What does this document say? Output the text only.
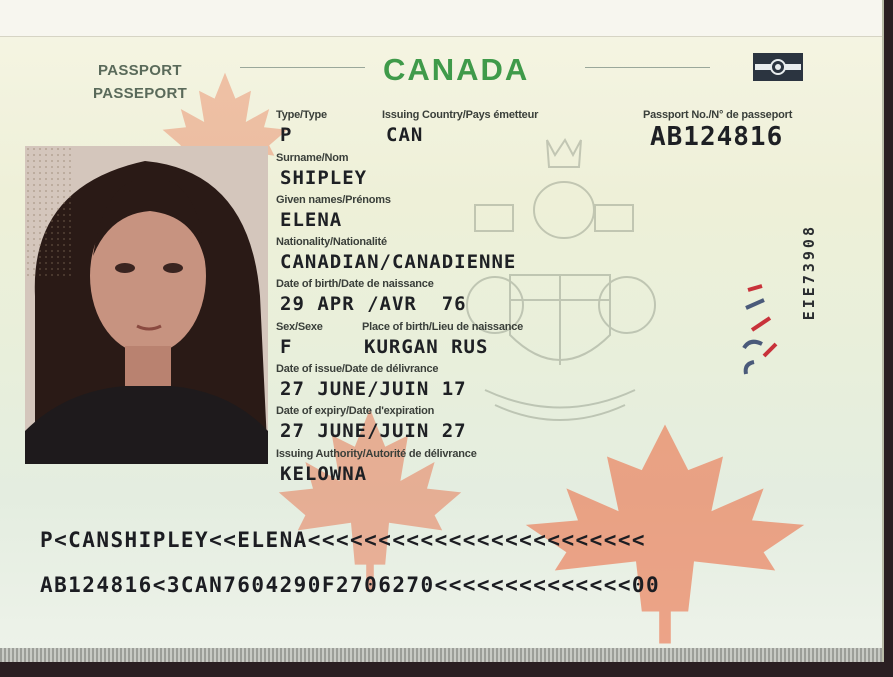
PASSPORT
PASSEPORT
CANADA
Type/Type
P
Issuing Country/Pays émetteur
CAN
Passport No./N° de passeport
AB124816
Surname/Nom
SHIPLEY
Given names/Prénoms
ELENA
Nationality/Nationalité
CANADIAN/CANADIENNE
Date of birth/Date de naissance
29 APR /AVR  76
Sex/Sexe
F
Place of birth/Lieu de naissance
KURGAN RUS
Date of issue/Date de délivrance
27 JUNE/JUIN 17
Date of expiry/Date d'expiration
27 JUNE/JUIN 27
Issuing Authority/Autorité de délivrance
KELOWNA
EIE73908
P<CANSHIPLEY<<ELENA<<<<<<<<<<<<<<<<<<<<<<<<
AB124816<3CAN7604290F2706270<<<<<<<<<<<<<<00
